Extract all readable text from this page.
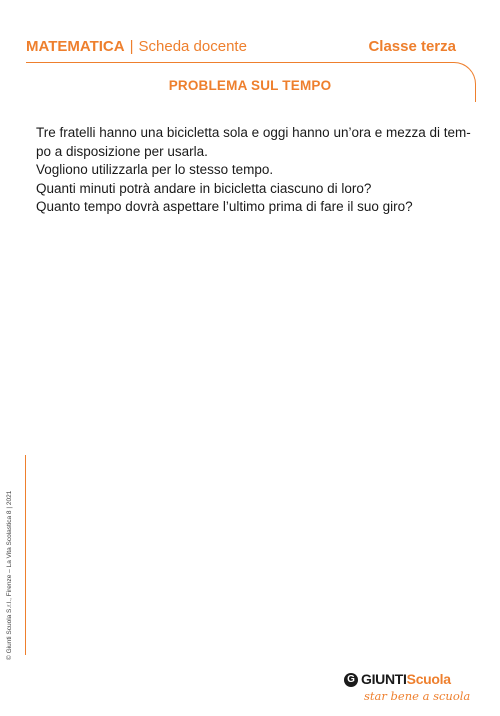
MATEMATICA | Scheda docente	Classe terza
PROBLEMA SUL TEMPO

Tre fratelli hanno una bicicletta sola e oggi hanno un’ora e mezza di tem-

po a disposizione per usarla.

Vogliono utilizzarla per lo stesso tempo.

Quanti minuti potrà andare in bicicletta ciascuno di loro?

Quanto tempo dovrà aspettare l’ultimo prima di fare il suo giro?

© Giunti Scuola S.r.l., Firenze – La Vita Scolastica 8 | 2021
G GIUNTIScuola
star bene a scuola
